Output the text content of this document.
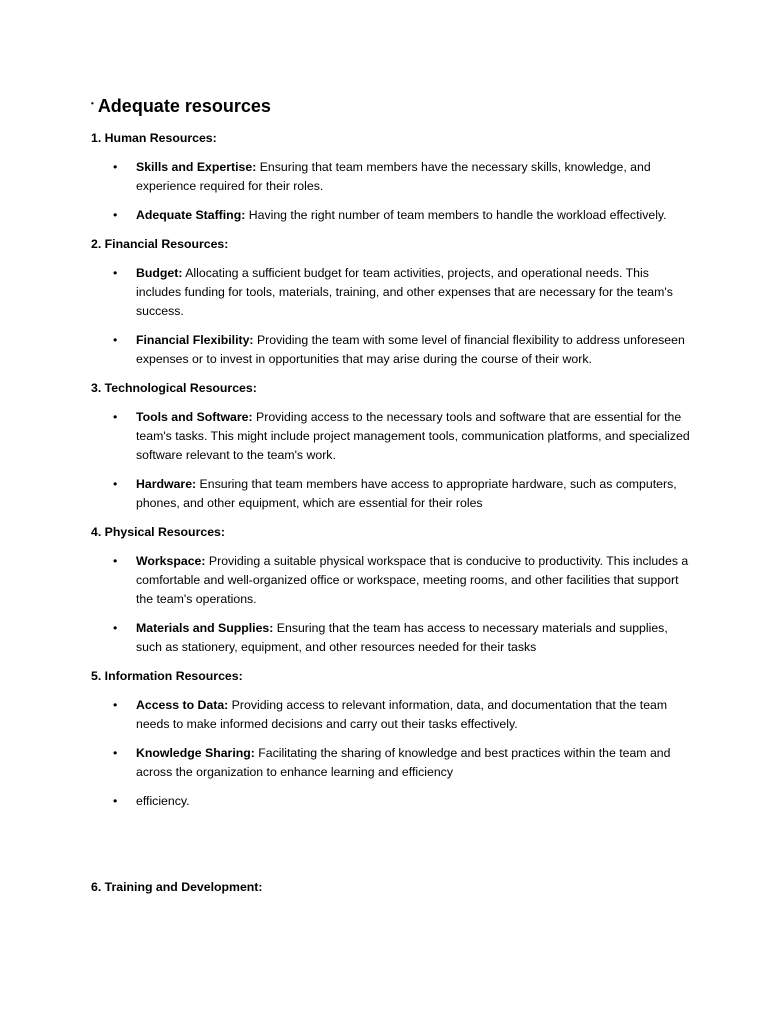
• Adequate resources
1. Human Resources:
• Skills and Expertise: Ensuring that team members have the necessary skills, knowledge, and experience required for their roles.
• Adequate Staffing: Having the right number of team members to handle the workload effectively.
2. Financial Resources:
• Budget: Allocating a sufficient budget for team activities, projects, and operational needs. This includes funding for tools, materials, training, and other expenses that are necessary for the team's success.
• Financial Flexibility: Providing the team with some level of financial flexibility to address unforeseen expenses or to invest in opportunities that may arise during the course of their work.
3. Technological Resources:
• Tools and Software: Providing access to the necessary tools and software that are essential for the team's tasks. This might include project management tools, communication platforms, and specialized software relevant to the team's work.
• Hardware: Ensuring that team members have access to appropriate hardware, such as computers, phones, and other equipment, which are essential for their roles
4. Physical Resources:
• Workspace: Providing a suitable physical workspace that is conducive to productivity. This includes a comfortable and well-organized office or workspace, meeting rooms, and other facilities that support the team's operations.
• Materials and Supplies: Ensuring that the team has access to necessary materials and supplies, such as stationery, equipment, and other resources needed for their tasks
5. Information Resources:
• Access to Data: Providing access to relevant information, data, and documentation that the team needs to make informed decisions and carry out their tasks effectively.
• Knowledge Sharing: Facilitating the sharing of knowledge and best practices within the team and across the organization to enhance learning and efficiency
• efficiency.
6. Training and Development:
